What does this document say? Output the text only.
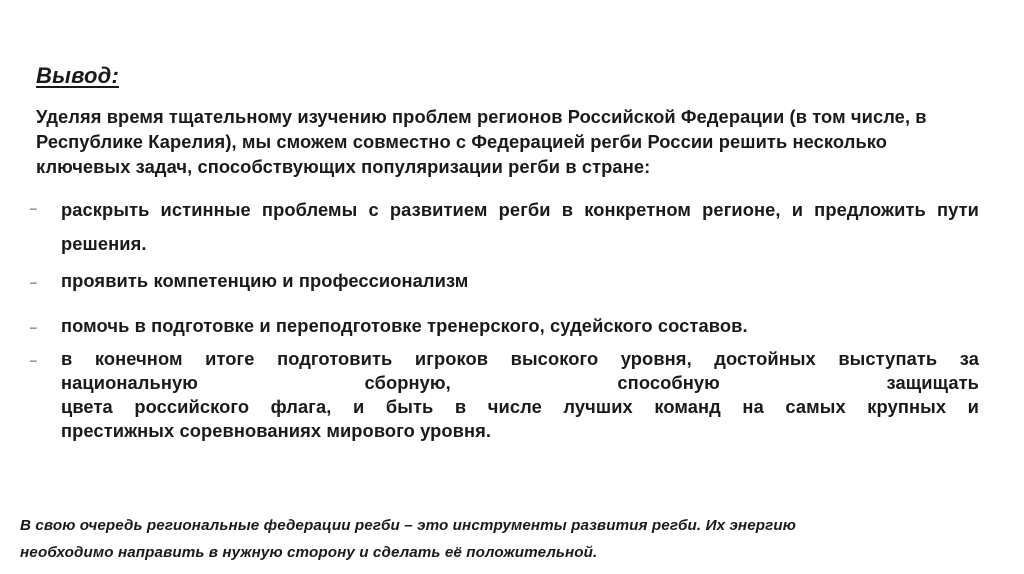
Вывод:
Уделяя время тщательному изучению проблем регионов Российской Федерации (в том числе, в Республике Карелия), мы сможем совместно с Федерацией регби России решить несколько ключевых задач, способствующих популяризации регби в стране:
– раскрыть истинные проблемы с развитием регби в конкретном регионе, и предложить пути решения.
– проявить компетенцию и профессионализм
– помочь в подготовке и переподготовке тренерского, судейского составов.
– в конечном итоге подготовить игроков высокого уровня, достойных выступать за
национальную сборную, способную защищать
цвета российского флага, и быть в числе лучших команд на самых крупных и
престижных соревнованиях мирового уровня.
В свою очередь региональные федерации регби – это инструменты развития регби. Их энергию
необходимо направить в нужную сторону и сделать её положительной.
